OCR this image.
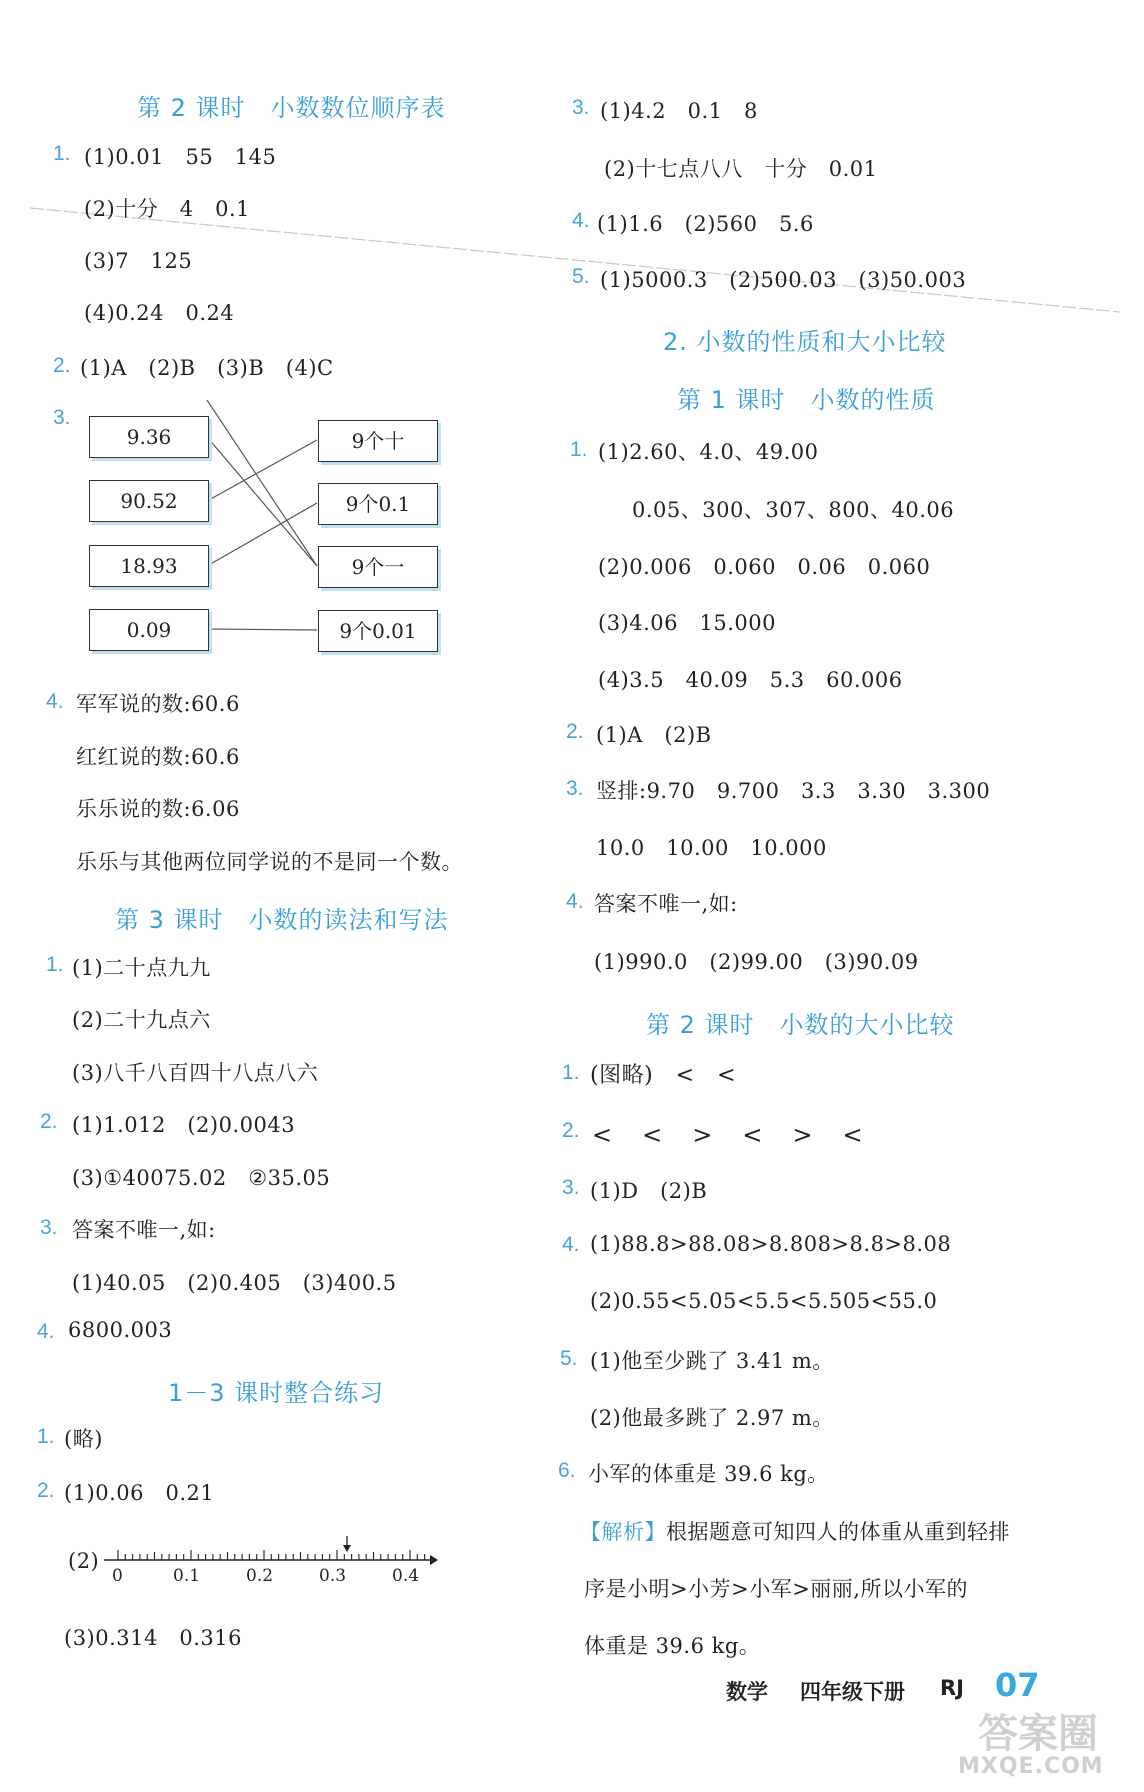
第 2 课时　小数数位顺序表
1. (1)0.01　55　145
(2)十分　4　0.1
(3)7　125
(4)0.24　0.24
2. (1)A　(2)B　(3)B　(4)C
3.
9.36
90.52
18.93
0.09
9个十
9个0.1
9个一
9个0.01
4. 军军说的数:60.6
红红说的数:60.6
乐乐说的数:6.06
乐乐与其他两位同学说的不是同一个数。
第 3 课时　小数的读法和写法
1. (1)二十点九九
(2)二十九点六
(3)八千八百四十八点八六
2. (1)1.012　(2)0.0043
(3)①40075.02　②35.05
3. 答案不唯一,如:
(1)40.05　(2)0.405　(3)400.5
4. 6800.003
1－3 课时整合练习
1. (略)
2. (1)0.06　0.21
(2)
0	0.1	0.2	0.3	0.4
(3)0.314　0.316
3. (1)4.2　0.1　8
(2)十七点八八　十分　0.01
4. (1)1.6　(2)560　5.6
5. (1)5000.3　(2)500.03　(3)50.003
2. 小数的性质和大小比较
第 1 课时　小数的性质
1. (1)2.60、4.0、49.00
0.05、300、307、800、40.06
(2)0.006　0.060　0.06　0.060
(3)4.06　15.000
(4)3.5　40.09　5.3　60.006
2. (1)A　(2)B
3. 竖排:9.70　9.700　3.3　3.30　3.300
10.0　10.00　10.000
4. 答案不唯一,如:
(1)990.0　(2)99.00　(3)90.09
第 2 课时　小数的大小比较
1. (图略)　<　<
2. <　<　>　<　>　<
3. (1)D　(2)B
4. (1)88.8>88.08>8.808>8.8>8.08
(2)0.55<5.05<5.5<5.505<55.0
5. (1)他至少跳了 3.41 m。
(2)他最多跳了 2.97 m。
6. 小军的体重是 39.6 kg。
【解析】根据题意可知四人的体重从重到轻排
序是小明>小芳>小军>丽丽,所以小军的
体重是 39.6 kg。
数学 四年级下册 RJ 07
答案圈
MXQE.COM
